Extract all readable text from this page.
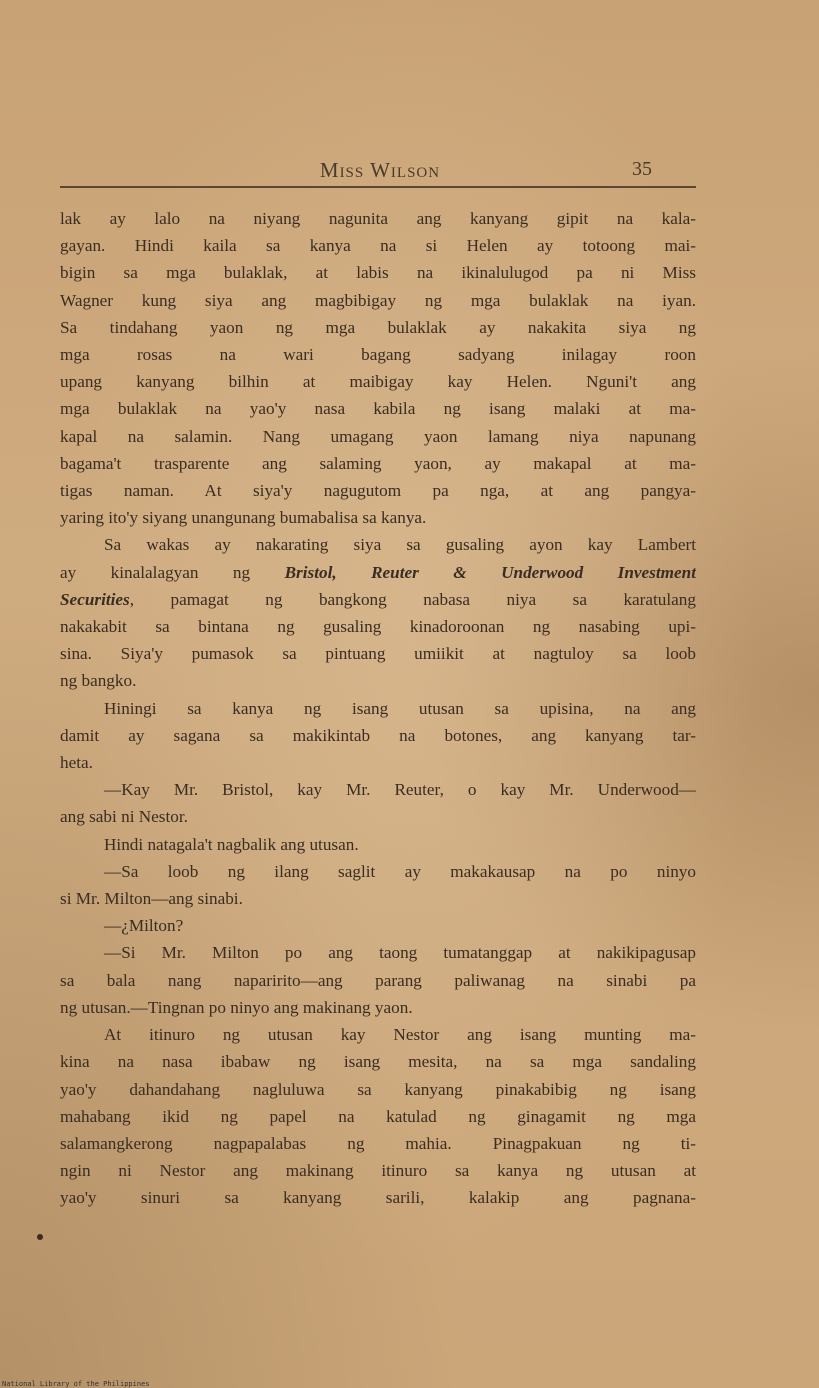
Miss Wilson	35
lak ay lalo na niyang nagunita ang kanyang gipit na kala-
gayan. Hindi kaila sa kanya na si Helen ay totoong mai-
bigin sa mga bulaklak, at labis na ikinalulugod pa ni Miss
Wagner kung siya ang magbibigay ng mga bulaklak na iyan.
Sa tindahang yaon ng mga bulaklak ay nakakita siya ng
mga rosas na wari bagang sadyang inilagay roon
upang kanyang bilhin at maibigay kay Helen. Nguni't ang
mga bulaklak na yao'y nasa kabila ng isang malaki at ma-
kapal na salamin. Nang umagang yaon lamang niya napunang
bagama't trasparente ang salaming yaon, ay makapal at ma-
tigas naman. At siya'y nagugutom pa nga, at ang pangya-
yaring ito'y siyang unangunang bumabalisa sa kanya.
Sa wakas ay nakarating siya sa gusaling ayon kay Lambert
ay kinalalagyan ng Bristol, Reuter & Underwood Investment
Securities, pamagat ng bangkong nabasa niya sa karatulang
nakakabit sa bintana ng gusaling kinadoroonan ng nasabing upi-
sina. Siya'y pumasok sa pintuang umiikit at nagtuloy sa loob
ng bangko.
Hiningi sa kanya ng isang utusan sa upisina, na ang
damit ay sagana sa makikintab na botones, ang kanyang tar-
heta.
—Kay Mr. Bristol, kay Mr. Reuter, o kay Mr. Underwood—
ang sabi ni Nestor.
Hindi natagala't nagbalik ang utusan.
—Sa loob ng ilang saglit ay makakausap na po ninyo
si Mr. Milton—ang sinabi.
—¿Milton?
—Si Mr. Milton po ang taong tumatanggap at nakikipagusap
sa bala nang naparirito—ang parang paliwanag na sinabi pa
ng utusan.—Tingnan po ninyo ang makinang yaon.
At itinuro ng utusan kay Nestor ang isang munting ma-
kina na nasa ibabaw ng isang mesita, na sa mga sandaling
yao'y dahandahang nagluluwa sa kanyang pinakabibig ng isang
mahabang ikid ng papel na katulad ng ginagamit ng mga
salamangkerong nagpapalabas ng mahia. Pinagpakuan ng ti-
ngin ni Nestor ang makinang itinuro sa kanya ng utusan at
yao'y sinuri sa kanyang sarili, kalakip ang pagnana-
National Library of the Philippines
